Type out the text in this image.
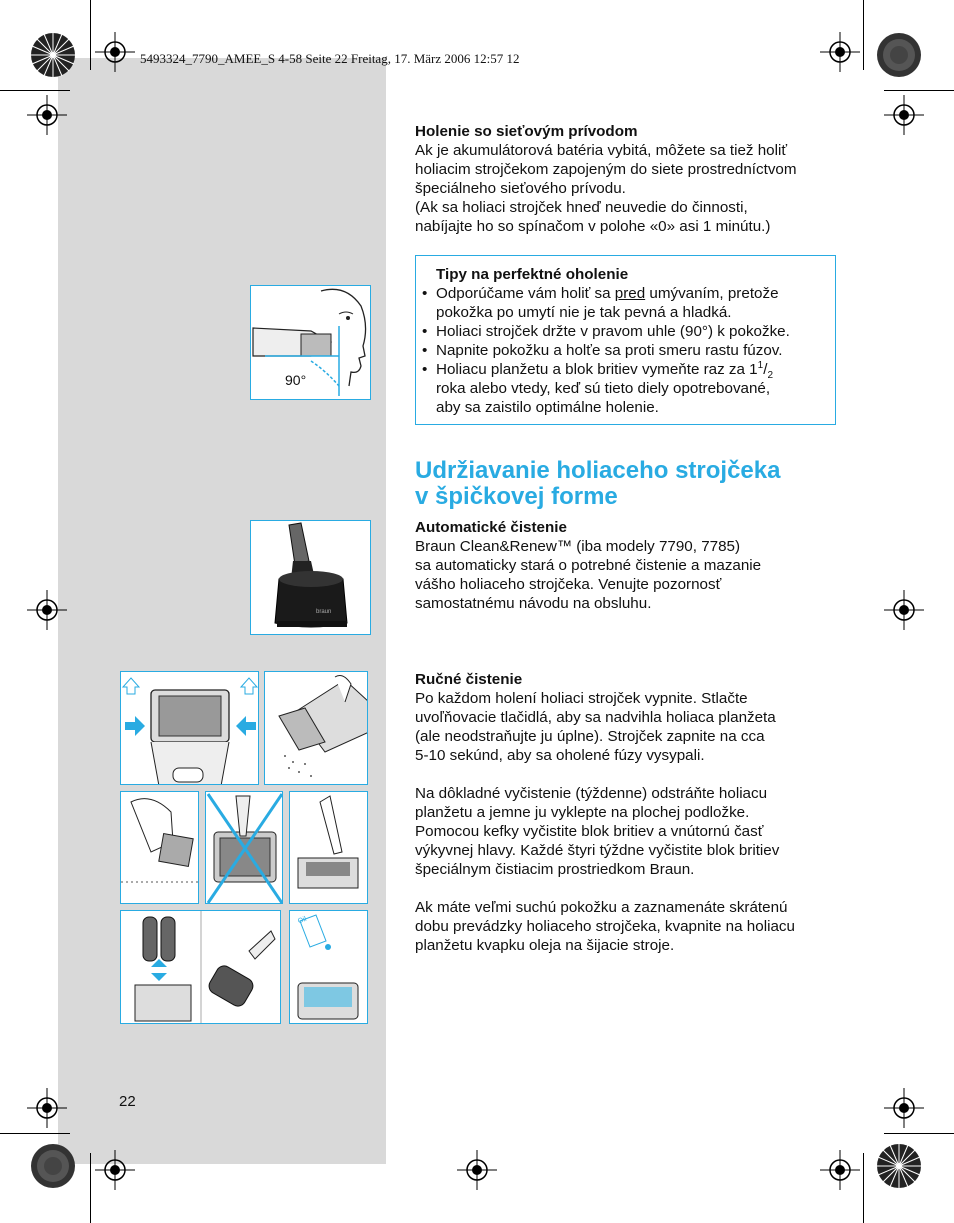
5493324_7790_AMEE_S 4-58 Seite 22 Freitag, 17. März 2006 12:57 12

Holenie so sieťovým prívodom

Ak je akumulátorová batéria vybitá, môžete sa tiež holiť

holiacim strojčekom zapojeným do siete prostredníctvom

špeciálneho sieťového prívodu.

(Ak sa holiaci strojček hneď neuvedie do činnosti,

nabíjajte ho so spínačom v polohe «0» asi 1 minútu.)

Tipy na perfektné oholenie
• Odporúčame vám holiť sa pred umývaním, pretože
pokožka po umytí nie je tak pevná a hladká.
• Holiaci strojček držte v pravom uhle (90°) k pokožke.
• Napnite pokožku a holťe sa proti smeru rastu fúzov.
• Holiacu planžetu a blok britiev vymeňte raz za $1^1/_2$
roka alebo vtedy, keď sú tieto diely opotrebované,
aby sa zaistilo optimálne holenie.
Udržiavanie holiaceho strojčeka
v špičkovej forme

Automatické čistenie

Braun Clean&Renew™ (iba modely 7790, 7785)

sa automaticky stará o potrebné čistenie a mazanie

vášho holiaceho strojčeka. Venujte pozornosť

samostatnému návodu na obsluhu.

Ručné čistenie

Po každom holení holiaci strojček vypnite. Stlačte

uvoľňovacie tlačidlá, aby sa nadvihla holiaca planžeta

(ale neodstraňujte ju úplne). Strojček zapnite na cca

5-10 sekúnd, aby sa oholené fúzy vysypali.

Na dôkladné vyčistenie (týždenne) odstráňte holiacu

planžetu a jemne ju vyklepte na plochej podložke.

Pomocou kefky vyčistite blok britiev a vnútornú časť

výkyvnej hlavy. Každé štyri týždne vyčistite blok britiev

špeciálnym čistiacim prostriedkom Braun.

Ak máte veľmi suchú pokožku a zaznamenáte skrátenú

dobu prevádzky holiaceho strojčeka, kvapnite na holiacu

planžetu kvapku oleja na šijacie stroje.

90°
braun
Oil
22
